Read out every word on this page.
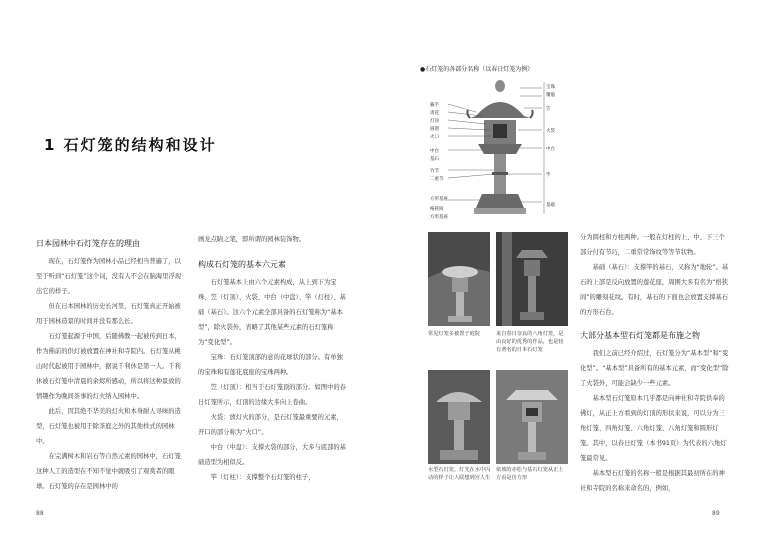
1 石灯笼的结构和设计

日本园林中石灯笼存在的理由

现在，石灯笼作为园林小品已经相当普遍了，以至于听到“石灯笼”这个词，没有人不会在脑海里浮现出它的样子。

但在日本园林的历史长河里，石灯笼真正开始被用于园林造景的时间并没有那么长。

石灯笼起源于中国，后随佛教一起被传到日本，作为佛前的供灯被放置在神社和寺院内。石灯笼从桃山时代起被用于园林中，据说千利休是第一人。千利休被石灯笼中清晨的余烬所感动，所以将这种景致的情趣作为晚间茶事的灯火纳入园林中。

此后，因其绝不华美的灯火和本身耐人寻味的造型，石灯笼也被用于除茶庭之外的其他样式的园林中。

在完满树木和岩石等自然元素的园林中，石灯笼这种人工的造型在不知不觉中就吸引了观赏者的眼球。石灯笼的存在是园林中的

画龙点睛之笔，即所谓的园林装饰物。

构成石灯笼的基本六元素

石灯笼基本上由六个元素构成，从上到下为宝珠、笠（灯顶）、火袋、中台（中盘）、竿（灯柱）、基础（基石）。这六个元素全部具备的石灯笼称为“基本型”，除火袋外，省略了其他某些元素的石灯笼称为“变化型”。

宝珠：石灯笼顶部的意的花球状的部分。有单独的宝珠和有莲花底座的宝珠两种。

笠（灯顶）：相当于石灯笼顶的部分。如图中的春日灯笼所示，灯顶的边缘大多向上卷曲。

火袋：放灯火的部分，是石灯笼最重要的元素，开口的部分称为“火口”。

中台（中盘）：支撑火袋的部分，大多与底部的基础造型为相似反。

竿（灯柱）：支撑整个石灯笼的柱子，

●石灯笼的各部分名称（以春日灯笼为例）
蕨手
请花
灯顶
圆窗
火口
中台
基石
竹节
二重节
方形基座
格狭间
方形基座
宝珠
覆瓶
笠
火袋
中台
竿
基础
常见灯笼多被置于庭院	来自春日奈良的八角灯笼，是由良好的优秀的作品，也是较有著名的日本石灯笼
水型石灯笼。灯光在水中闪动的样子让人联想到宫人生
依坡的赤松与基石灯笼从正上方看是仿方形

分为圆柱和方柱两种。一般在灯柱的上、中、下三个部分付有节巧，二重常常饰纹等等节状物。

基础（基石）：支撑竿的基石，又称为“地轮”。基石的上部是反向放置的莲花座，周围大多有名为“格狭间”的雕刻花纹。有时，基石的下面也会放置支撑基石的方形石台。

大部分基本型石灯笼都是布施之物

我们之前已经介绍过，石灯笼分为“基本型”和“变化型”。“基本型”具备所有的基本元素，而“变化型”除了火袋外，可能会缺少一些元素。

基本型石灯笼原本几乎都是向神社和寺院供奉的佛灯，从正上方看到的灯顶的形状来说，可以分为三角灯笼、四角灯笼、六角灯笼、八角灯笼和圆形灯笼。其中，以春日灯笼（本书91页）为代表的六角灯笼最常见。

基本型石灯笼的名称一般是根据其最初所在的神社和寺院的名称来命名的，例如，

88	89
